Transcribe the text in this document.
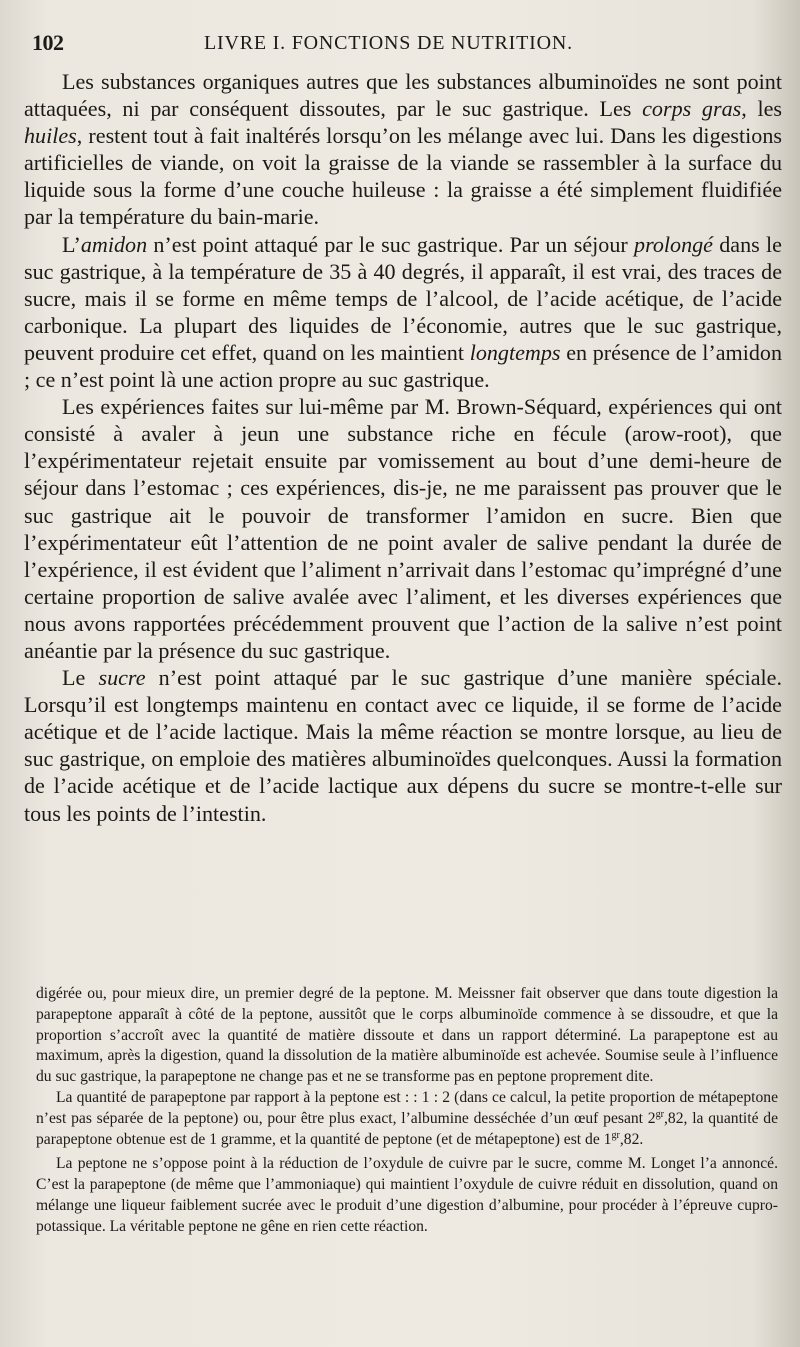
102	LIVRE I. FONCTIONS DE NUTRITION.

Les substances organiques autres que les substances albuminoïdes ne sont point attaquées, ni par conséquent dissoutes, par le suc gastrique. Les corps gras, les huiles, restent tout à fait inaltérés lorsqu’on les mélange avec lui. Dans les digestions artificielles de viande, on voit la graisse de la viande se rassembler à la surface du liquide sous la forme d’une couche huileuse : la graisse a été simplement fluidifiée par la température du bain-marie.

L’amidon n’est point attaqué par le suc gastrique. Par un séjour prolongé dans le suc gastrique, à la température de 35 à 40 degrés, il apparaît, il est vrai, des traces de sucre, mais il se forme en même temps de l’alcool, de l’acide acétique, de l’acide carbonique. La plupart des liquides de l’économie, autres que le suc gastrique, peuvent produire cet effet, quand on les maintient longtemps en présence de l’amidon ; ce n’est point là une action propre au suc gastrique.

Les expériences faites sur lui-même par M. Brown-Séquard, expériences qui ont consisté à avaler à jeun une substance riche en fécule (arow-root), que l’expérimentateur rejetait ensuite par vomissement au bout d’une demi-heure de séjour dans l’estomac ; ces expériences, dis-je, ne me paraissent pas prouver que le suc gastrique ait le pouvoir de transformer l’amidon en sucre. Bien que l’expérimentateur eût l’attention de ne point avaler de salive pendant la durée de l’expérience, il est évident que l’aliment n’arrivait dans l’estomac qu’imprégné d’une certaine proportion de salive avalée avec l’aliment, et les diverses expériences que nous avons rapportées précédemment prouvent que l’action de la salive n’est point anéantie par la présence du suc gastrique.

Le sucre n’est point attaqué par le suc gastrique d’une manière spéciale. Lorsqu’il est longtemps maintenu en contact avec ce liquide, il se forme de l’acide acétique et de l’acide lactique. Mais la même réaction se montre lorsque, au lieu de suc gastrique, on emploie des matières albuminoïdes quelconques. Aussi la formation de l’acide acétique et de l’acide lactique aux dépens du sucre se montre-t-elle sur tous les points de l’intestin.

digérée ou, pour mieux dire, un premier degré de la peptone. M. Meissner fait observer que dans toute digestion la parapeptone apparaît à côté de la peptone, aussitôt que le corps albuminoïde commence à se dissoudre, et que la proportion s’accroît avec la quantité de matière dissoute et dans un rapport déterminé. La parapeptone est au maximum, après la digestion, quand la dissolution de la matière albuminoïde est achevée. Soumise seule à l’influence du suc gastrique, la parapeptone ne change pas et ne se transforme pas en peptone proprement dite.

La quantité de parapeptone par rapport à la peptone est : : 1 : 2 (dans ce calcul, la petite proportion de métapeptone n’est pas séparée de la peptone) ou, pour être plus exact, l’albumine desséchée d’un œuf pesant $2^{gr},82$, la quantité de parapeptone obtenue est de 1 gramme, et la quantité de peptone (et de métapeptone) est de $1^{gr},82$.

La peptone ne s’oppose point à la réduction de l’oxydule de cuivre par le sucre, comme M. Longet l’a annoncé. C’est la parapeptone (de même que l’ammoniaque) qui maintient l’oxydule de cuivre réduit en dissolution, quand on mélange une liqueur faiblement sucrée avec le produit d’une digestion d’albumine, pour procéder à l’épreuve cupro-potassique. La véritable peptone ne gêne en rien cette réaction.
